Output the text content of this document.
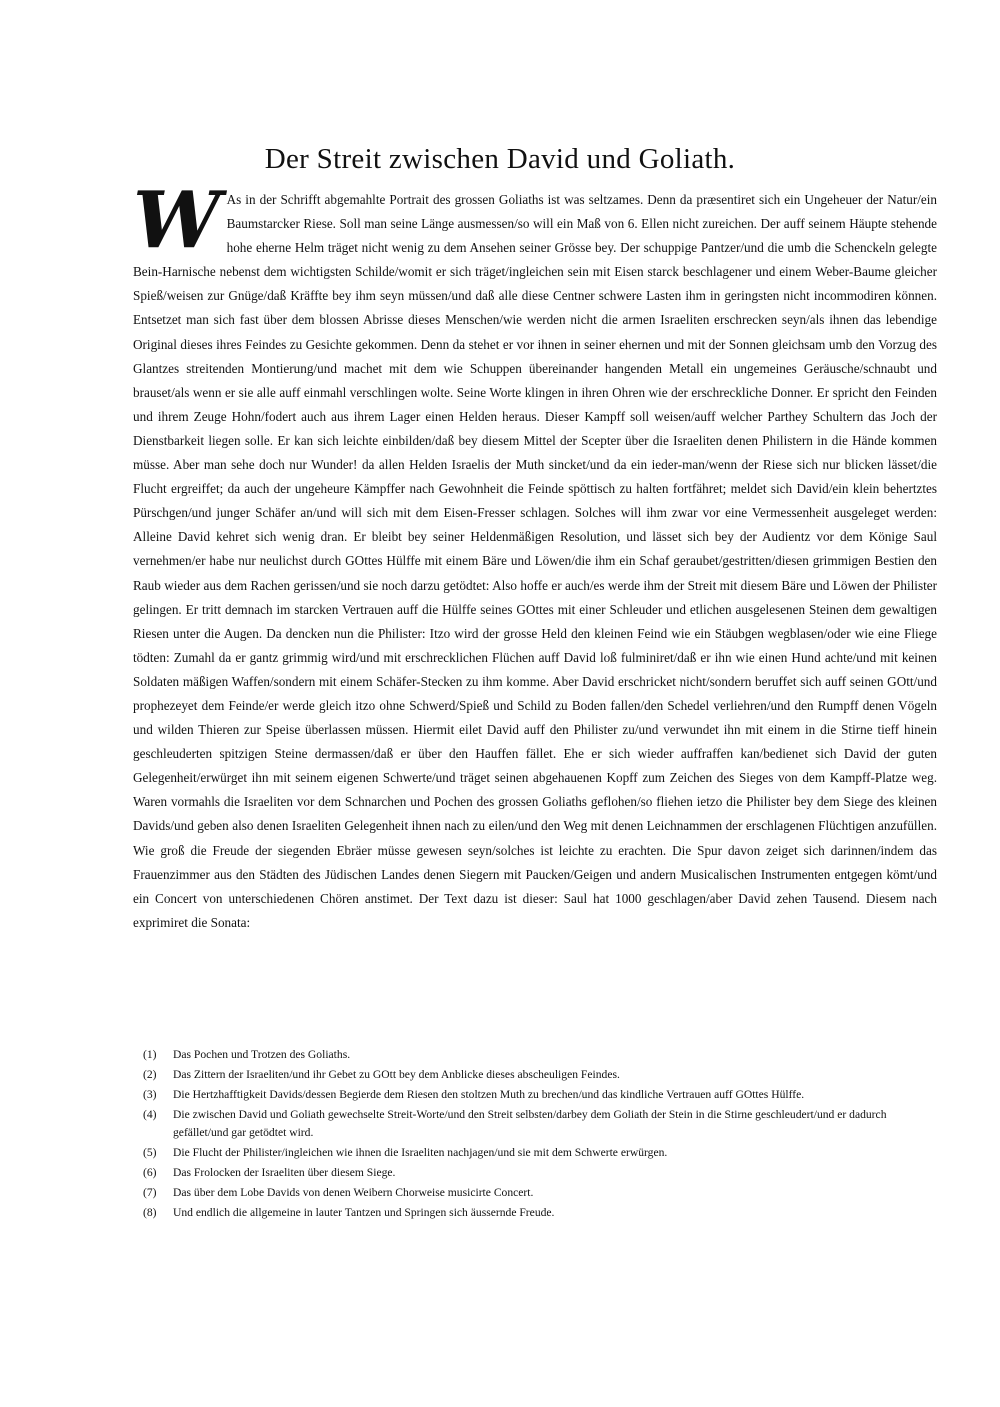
Der Streit zwischen David und Goliath.
W As in der Schrifft abgemahlte Portrait des grossen Goliaths ist was seltzames. Denn da præsentiret sich ein Ungeheuer der Natur/ein Baumstarcker Riese. Soll man seine Länge ausmessen/so will ein Maß von 6. Ellen nicht zureichen. Der auff seinem Häupte stehende hohe eherne Helm träget nicht wenig zu dem Ansehen seiner Grösse bey. Der schuppige Pantzer/und die umb die Schenckeln gelegte Bein-Harnische nebenst dem wichtigsten Schilde/womit er sich träget/ingleichen sein mit Eisen starck beschlagener und einem Weber-Baume gleicher Spieß/weisen zur Gnüge/daß Kräffte bey ihm seyn müssen/und daß alle diese Centner schwere Lasten ihm in geringsten nicht incommodiren können. Entsetzet man sich fast über dem blossen Abrisse dieses Menschen/wie werden nicht die armen Israeliten erschrecken seyn/als ihnen das lebendige Original dieses ihres Feindes zu Gesichte gekommen. Denn da stehet er vor ihnen in seiner ehernen und mit der Sonnen gleichsam umb den Vorzug des Glantzes streitenden Montierung/und machet mit dem wie Schuppen übereinander hangenden Metall ein ungemeines Geräusche/schnaubt und brauset/als wenn er sie alle auff einmahl verschlingen wolte. Seine Worte klingen in ihren Ohren wie der erschreckliche Donner. Er spricht den Feinden und ihrem Zeuge Hohn/fodert auch aus ihrem Lager einen Helden heraus. Dieser Kampff soll weisen/auff welcher Parthey Schultern das Joch der Dienstbarkeit liegen solle. Er kan sich leichte einbilden/daß bey diesem Mittel der Scepter über die Israeliten denen Philistern in die Hände kommen müsse. Aber man sehe doch nur Wunder! da allen Helden Israelis der Muth sincket/und da ein ieder-man/wenn der Riese sich nur blicken lässet/die Flucht ergreiffet; da auch der ungeheure Kämpffer nach Gewohnheit die Feinde spöttisch zu halten fortfähret; meldet sich David/ein klein behertztes Pürschgen/und junger Schäfer an/und will sich mit dem Eisen-Fresser schlagen. Solches will ihm zwar vor eine Vermessenheit ausgeleget werden: Alleine David kehret sich wenig dran. Er bleibt bey seiner Heldenmäßigen Resolution, und lässet sich bey der Audientz vor dem Könige Saul vernehmen/er habe nur neulichst durch GOttes Hülffe mit einem Bäre und Löwen/die ihm ein Schaf geraubet/gestritten/diesen grimmigen Bestien den Raub wieder aus dem Rachen gerissen/und sie noch darzu getödtet: Also hoffe er auch/es werde ihm der Streit mit diesem Bäre und Löwen der Philister gelingen. Er tritt demnach im starcken Vertrauen auff die Hülffe seines GOttes mit einer Schleuder und etlichen ausgelesenen Steinen dem gewaltigen Riesen unter die Augen. Da dencken nun die Philister: Itzo wird der grosse Held den kleinen Feind wie ein Stäubgen wegblasen/oder wie eine Fliege tödten: Zumahl da er gantz grimmig wird/und mit erschrecklichen Flüchen auff David loß fulminiret/daß er ihn wie einen Hund achte/und mit keinen Soldaten mäßigen Waffen/sondern mit einem Schäfer-Stecken zu ihm komme. Aber David erschricket nicht/sondern beruffet sich auff seinen GOtt/und prophezeyet dem Feinde/er werde gleich itzo ohne Schwerd/Spieß und Schild zu Boden fallen/den Schedel verliehren/und den Rumpff denen Vögeln und wilden Thieren zur Speise überlassen müssen. Hiermit eilet David auff den Philister zu/und verwundet ihn mit einem in die Stirne tieff hinein geschleuderten spitzigen Steine dermassen/daß er über den Hauffen fället. Ehe er sich wieder auffraffen kan/bedienet sich David der guten Gelegenheit/erwürget ihn mit seinem eigenen Schwerte/und träget seinen abgehauenen Kopff zum Zeichen des Sieges von dem Kampff-Platze weg. Waren vormahls die Israeliten vor dem Schnarchen und Pochen des grossen Goliaths geflohen/so fliehen ietzo die Philister bey dem Siege des kleinen Davids/und geben also denen Israeliten Gelegenheit ihnen nach zu eilen/und den Weg mit denen Leichnammen der erschlagenen Flüchtigen anzufüllen. Wie groß die Freude der siegenden Ebräer müsse gewesen seyn/solches ist leichte zu erachten. Die Spur davon zeiget sich darinnen/indem das Frauenzimmer aus den Städten des Jüdischen Landes denen Siegern mit Paucken/Geigen und andern Musicalischen Instrumenten entgegen kömt/und ein Concert von unterschiedenen Chören anstimet. Der Text dazu ist dieser: Saul hat 1000 geschlagen/aber David zehen Tausend. Diesem nach exprimiret die Sonata:
(1)	Das Pochen und Trotzen des Goliaths.
(2)	Das Zittern der Israeliten/und ihr Gebet zu GOtt bey dem Anblicke dieses abscheuligen Feindes.
(3)	Die Hertzhafftigkeit Davids/dessen Begierde dem Riesen den stoltzen Muth zu brechen/und das kindliche Vertrauen auff GOttes Hülffe.
(4)	Die zwischen David und Goliath gewechselte Streit-Worte/und den Streit selbsten/darbey dem Goliath der Stein in die Stirne geschleudert/und er dadurch gefället/und gar getödtet wird.
(5)	Die Flucht der Philister/ingleichen wie ihnen die Israeliten nachjagen/und sie mit dem Schwerte erwürgen.
(6)	Das Frolocken der Israeliten über diesem Siege.
(7)	Das über dem Lobe Davids von denen Weibern Chorweise musicirte Concert.
(8)	Und endlich die allgemeine in lauter Tantzen und Springen sich äussernde Freude.
